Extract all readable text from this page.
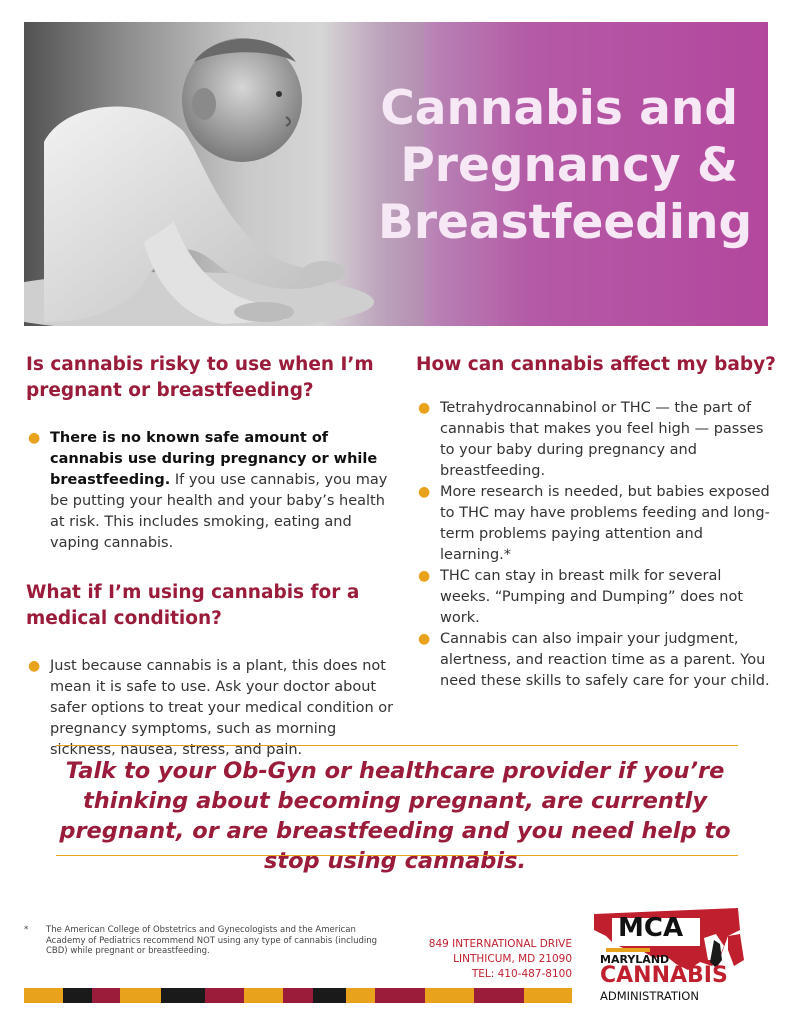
Cannabis and
Pregnancy &
Breastfeeding
Is cannabis risky to use when I’m pregnant or breastfeeding?
● There is no known safe amount of cannabis use during pregnancy or while breastfeeding. If you use cannabis, you may be putting your health and your baby’s health at risk. This includes smoking, eating and vaping cannabis.
What if I’m using cannabis for a medical condition?
● Just because cannabis is a plant, this does not mean it is safe to use. Ask your doctor about safer options to treat your medical condition or pregnancy symptoms, such as morning sickness, nausea, stress, and pain.
How can cannabis affect my baby?
● Tetrahydrocannabinol or THC — the part of cannabis that makes you feel high — passes to your baby during pregnancy and breastfeeding.
● More research is needed, but babies exposed to THC may have problems feeding and long-term problems paying attention and learning.*
● THC can stay in breast milk for several weeks. “Pumping and Dumping” does not work.
● Cannabis can also impair your judgment, alertness, and reaction time as a parent. You need these skills to safely care for your child.
Talk to your Ob-Gyn or healthcare provider if you’re thinking about becoming pregnant, are currently pregnant, or are breastfeeding and you need help to stop using cannabis.
* The American College of Obstetrics and Gynecologists and the American Academy of Pediatrics recommend NOT using any type of cannabis (including CBD) while pregnant or breastfeeding.
849 INTERNATIONAL DRIVE
LINTHICUM, MD 21090
TEL: 410-487-8100
MCA
MARYLAND
CANNABIS
ADMINISTRATION
